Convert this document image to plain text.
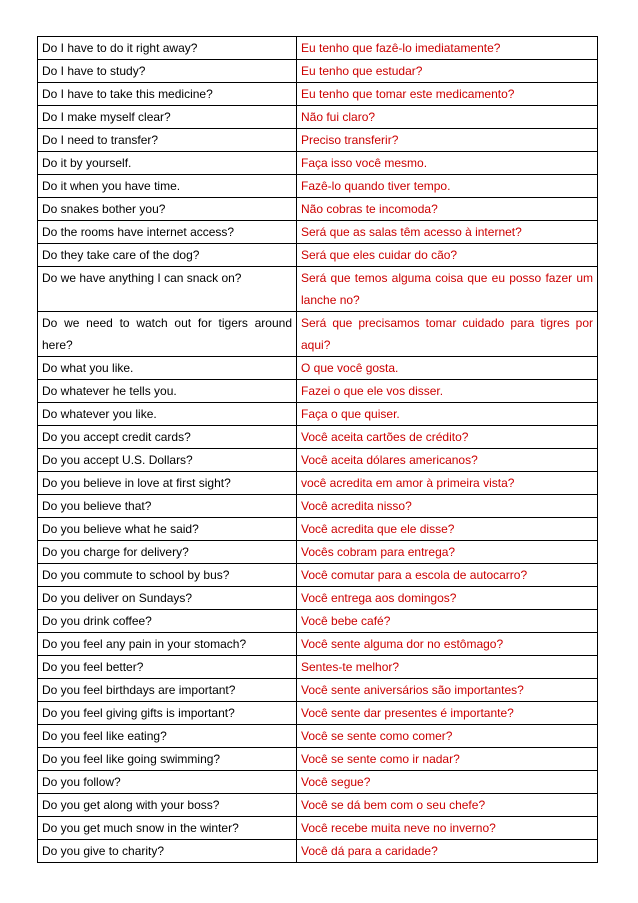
Do I have to do it right away?	Eu tenho que fazê-lo imediatamente?
Do I have to study?	Eu tenho que estudar?
Do I have to take this medicine?	Eu tenho que tomar este medicamento?
Do I make myself clear?	Não fui claro?
Do I need to transfer?	Preciso transferir?
Do it by yourself.	Faça isso você mesmo.
Do it when you have time.	Fazê-lo quando tiver tempo.
Do snakes bother you?	Não cobras te incomoda?
Do the rooms have internet access?	Será que as salas têm acesso à internet?
Do they take care of the dog?	Será que eles cuidar do cão?
Do we have anything I can snack on?	Será que temos alguma coisa que eu posso fazer um lanche no?
Do we need to watch out for tigers around here?	Será que precisamos tomar cuidado para tigres por aqui?
Do what you like.	O que você gosta.
Do whatever he tells you.	Fazei o que ele vos disser.
Do whatever you like.	Faça o que quiser.
Do you accept credit cards?	Você aceita cartões de crédito?
Do you accept U.S. Dollars?	Você aceita dólares americanos?
Do you believe in love at first sight?	você acredita em amor à primeira vista?
Do you believe that?	Você acredita nisso?
Do you believe what he said?	Você acredita que ele disse?
Do you charge for delivery?	Vocês cobram para entrega?
Do you commute to school by bus?	Você comutar para a escola de autocarro?
Do you deliver on Sundays?	Você entrega aos domingos?
Do you drink coffee?	Você bebe café?
Do you feel any pain in your stomach?	Você sente alguma dor no estômago?
Do you feel better?	Sentes-te melhor?
Do you feel birthdays are important?	Você sente aniversários são importantes?
Do you feel giving gifts is important?	Você sente dar presentes é importante?
Do you feel like eating?	Você se sente como comer?
Do you feel like going swimming?	Você se sente como ir nadar?
Do you follow?	Você segue?
Do you get along with your boss?	Você se dá bem com o seu chefe?
Do you get much snow in the winter?	Você recebe muita neve no inverno?
Do you give to charity?	Você dá para a caridade?
